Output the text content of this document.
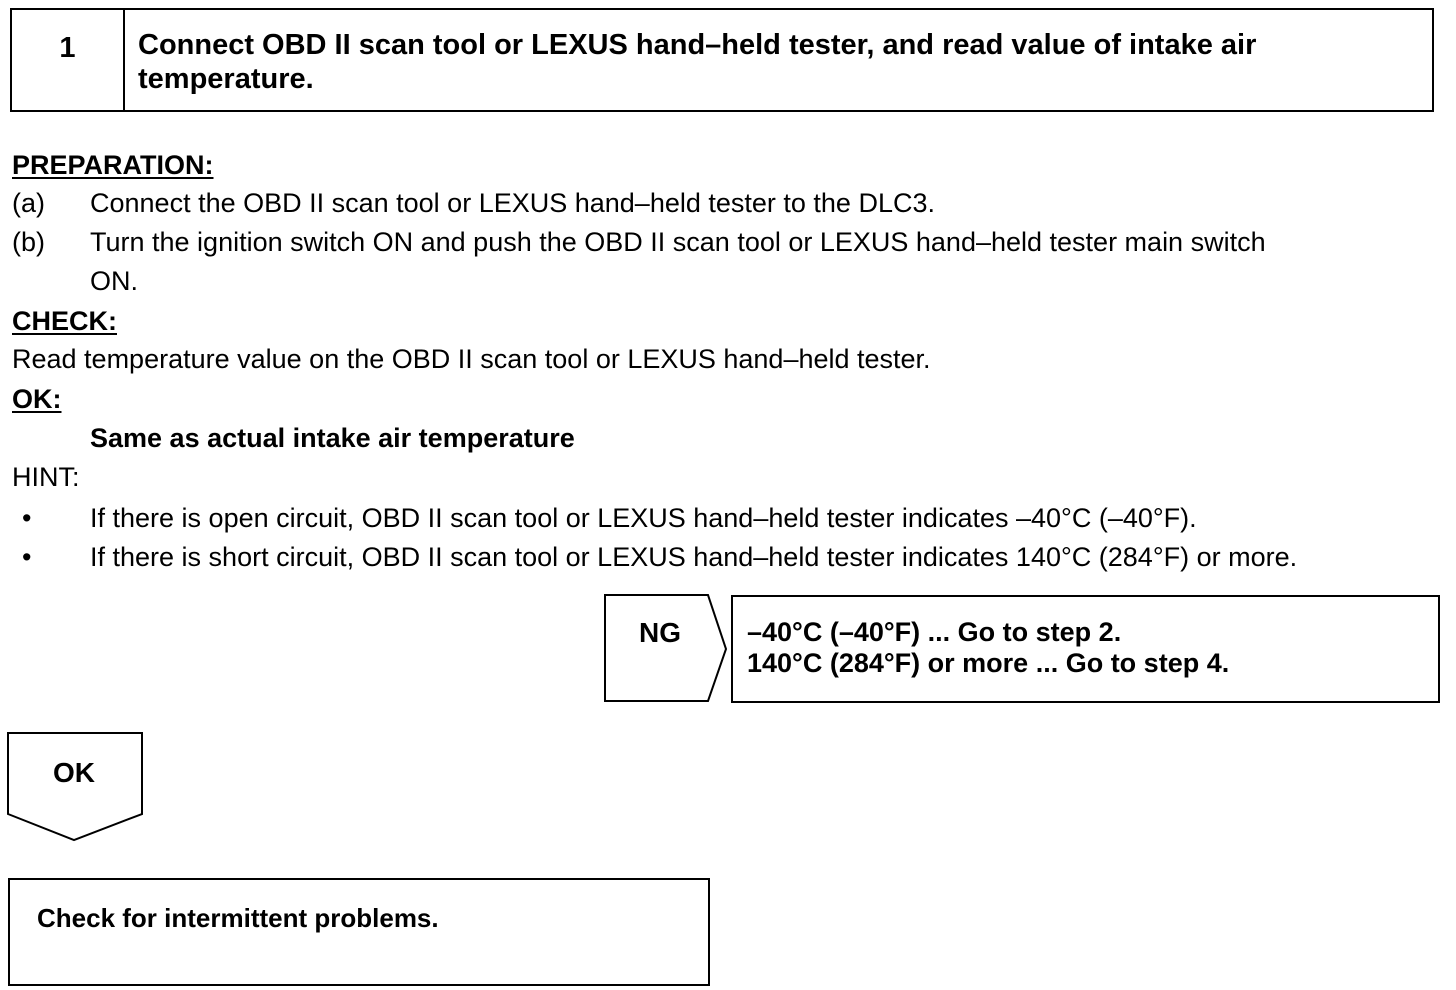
1	Connect OBD II scan tool or LEXUS hand–held tester, and read value of intake air temperature.
PREPARATION:
(a) Connect the OBD II scan tool or LEXUS hand–held tester to the DLC3.
(b) Turn the ignition switch ON and push the OBD II scan tool or LEXUS hand–held tester main switch
ON.
CHECK:
Read temperature value on the OBD II scan tool or LEXUS hand–held tester.
OK:
Same as actual intake air temperature
HINT:
• If there is open circuit, OBD II scan tool or LEXUS hand–held tester indicates –40°C (–40°F).
• If there is short circuit, OBD II scan tool or LEXUS hand–held tester indicates 140°C (284°F) or more.
NG	–40°C (–40°F) ... Go to step 2.
140°C (284°F) or more ... Go to step 4.
OK
Check for intermittent problems.
